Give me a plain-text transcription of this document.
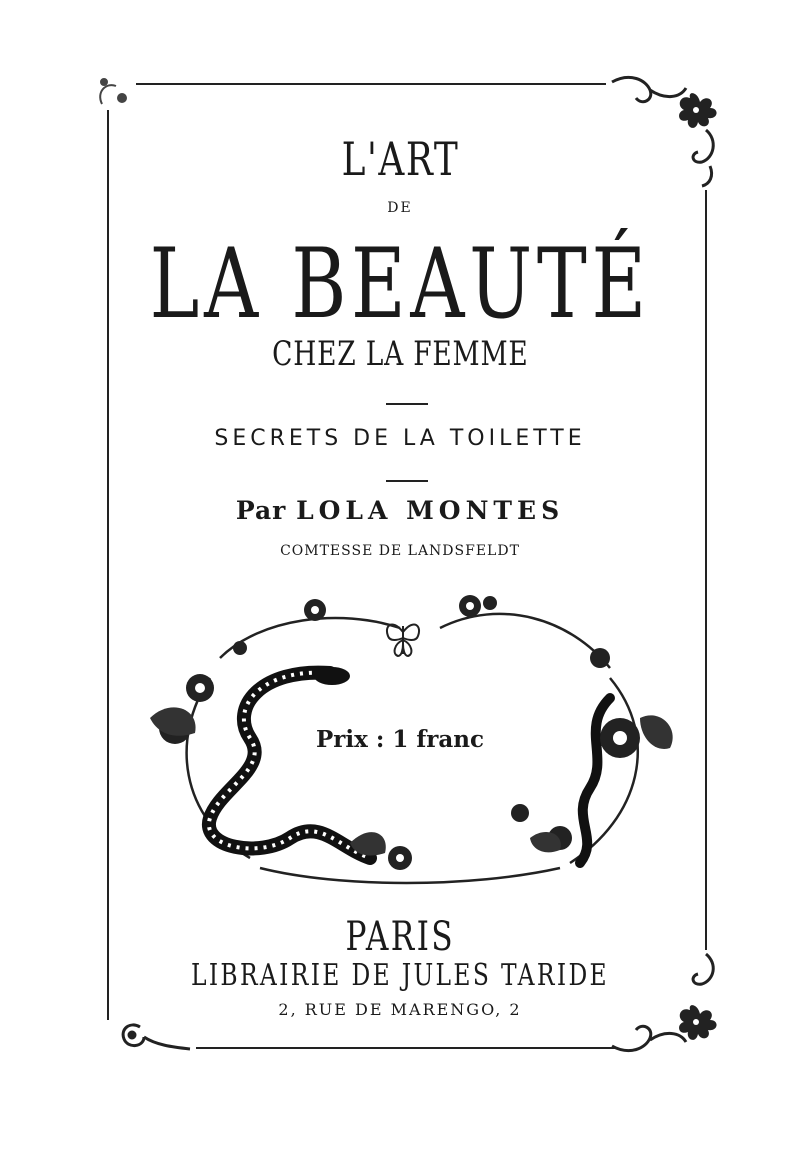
L'ART
DE
LA BEAUTÉ
CHEZ LA FEMME
SECRETS DE LA TOILETTE
Par LOLA MONTES
COMTESSE DE LANDSFELDT
Prix : 1 franc
PARIS
LIBRAIRIE DE JULES TARIDE
2, RUE DE MARENGO, 2
